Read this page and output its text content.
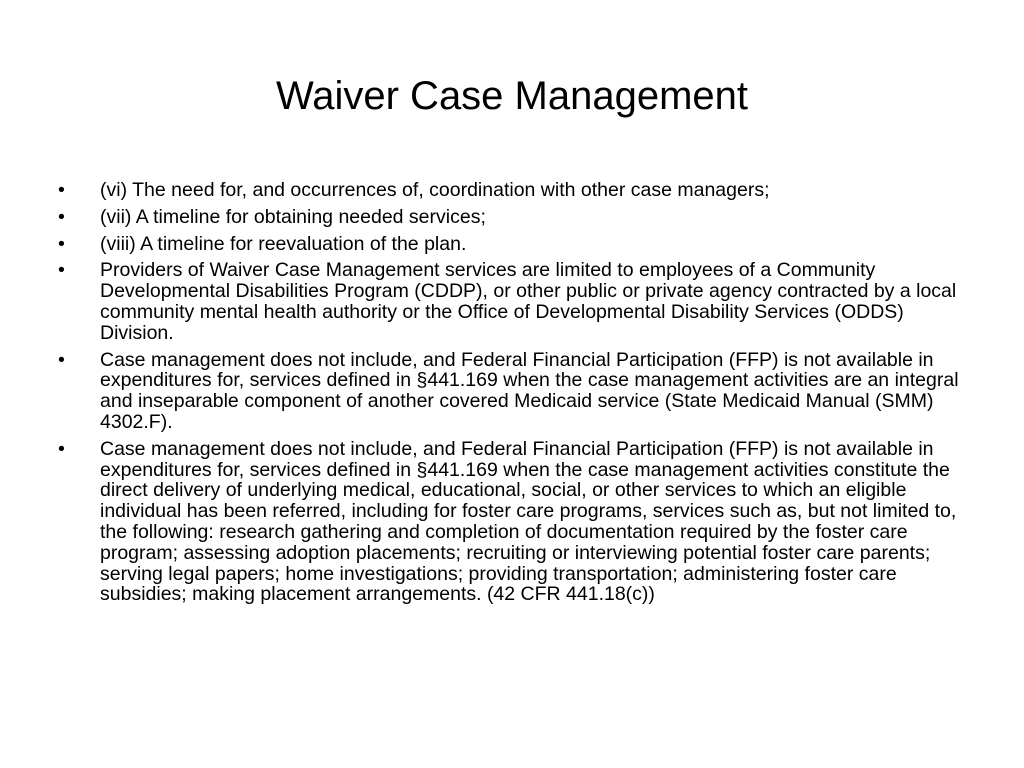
Waiver Case Management
•	(vi) The need for, and occurrences of, coordination with other case managers;
•	(vii) A timeline for obtaining needed services;
•	(viii) A timeline for reevaluation of the plan.
•	Providers of Waiver Case Management services are limited to employees of a Community Developmental Disabilities Program (CDDP), or other public or private agency contracted by a local community mental health authority or the Office of Developmental Disability Services (ODDS) Division.
•	Case management does not include, and Federal Financial Participation (FFP) is not available in expenditures for, services defined in §441.169 when the case management activities are an integral and inseparable component of another covered Medicaid service (State Medicaid Manual (SMM) 4302.F).
•	Case management does not include, and Federal Financial Participation (FFP) is not available in expenditures for, services defined in §441.169 when the case management activities constitute the direct delivery of underlying medical, educational, social, or other services to which an eligible individual has been referred, including for foster care programs, services such as, but not limited to, the following: research gathering and completion of documentation required by the foster care program; assessing adoption placements; recruiting or interviewing potential foster care parents; serving legal papers; home investigations; providing transportation; administering foster care subsidies; making placement arrangements. (42 CFR 441.18(c))
